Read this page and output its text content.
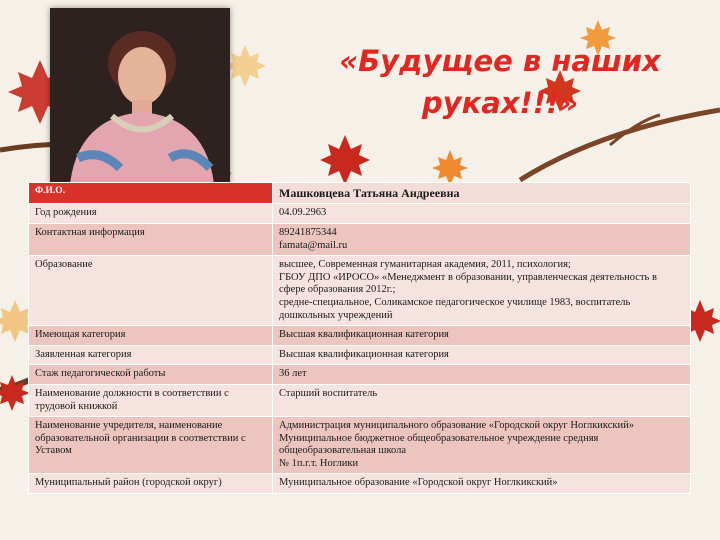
«Будущее в наших руках!!!»
Ф.И.О.	Машковцева Татьяна Андреевна

Год рождения	04.09.2963

Контактная информация	89241875344
famata@mail.ru

Образование	высшее, Современная гуманитарная академия, 2011, психология;
ГБОУ ДПО «ИРОСО» «Менеджмент в образовании, управленческая деятельность в сфере образования 2012г.;
средне-специальное, Соликамское педагогическое училище 1983, воспитатель дошкольных учреждений

Имеющая категория	Высшая квалификационная категория

Заявленная категория	Высшая квалификационная категория

Стаж педагогической работы	36 лет

Наименование должности в соответствии с трудовой книжкой	Старший воспитатель

Наименование учредителя, наименование образовательной организации в соответствии с Уставом	Администрация муниципального образование «Городской округ Ноглкикский»
Муниципальное бюджетное общеобразовательное учреждение средняя общеобразовательная школа
№ 1п.г.т. Ноглики

Муниципальный район (городской округ)	Муниципальное образование «Городской округ Ноглкикский»
